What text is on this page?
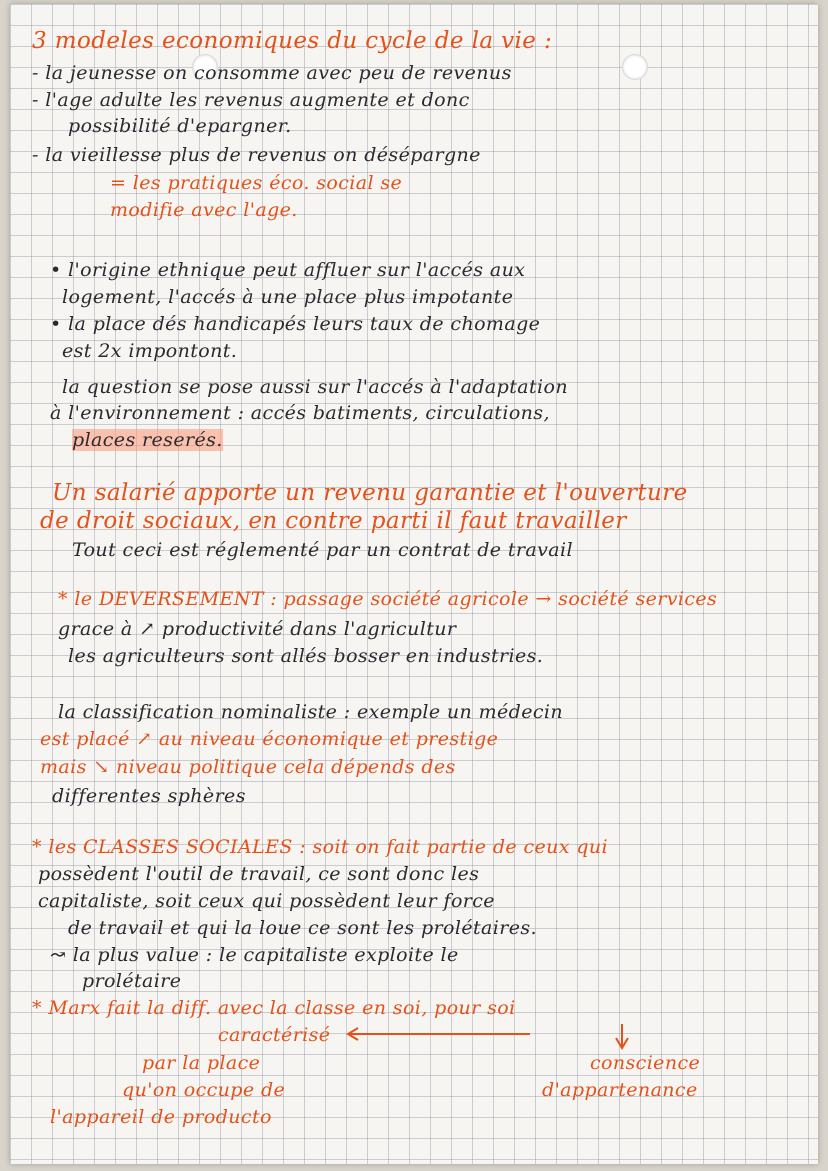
3 modeles economiques du cycle de la vie :
- la jeunesse on consomme avec peu de revenus
- l'age adulte les revenus augmente et donc
possibilité d'epargner.
- la vieillesse plus de revenus on désépargne
= les pratiques éco. social se
modifie avec l'age.
• l'origine ethnique peut affluer sur l'accés aux
logement, l'accés à une place plus impotante
• la place dés handicapés leurs taux de chomage
est 2x impontont.
la question se pose aussi sur l'accés à l'adaptation
à l'environnement : accés batiments, circulations,
places reserés.
Un salarié apporte un revenu garantie et l'ouverture
de droit sociaux, en contre parti il faut travailler
Tout ceci est réglementé par un contrat de travail
* le DEVERSEMENT : passage société agricole → société services
grace à ↗ productivité dans l'agricultur
les agriculteurs sont allés bosser en industries.
la classification nominaliste : exemple un médecin
est placé ↗ au niveau économique et prestige
mais ↘ niveau politique cela dépends des
differentes sphères
* les CLASSES SOCIALES : soit on fait partie de ceux qui
possèdent l'outil de travail, ce sont donc les
capitaliste, soit ceux qui possèdent leur force
de travail et qui la loue ce sont les prolétaires.
↝ la plus value : le capitaliste exploite le
prolétaire
* Marx fait la diff. avec la classe en soi, pour soi
caractérisé
par la place
qu'on occupe de
l'appareil de producto
conscience
d'appartenance
